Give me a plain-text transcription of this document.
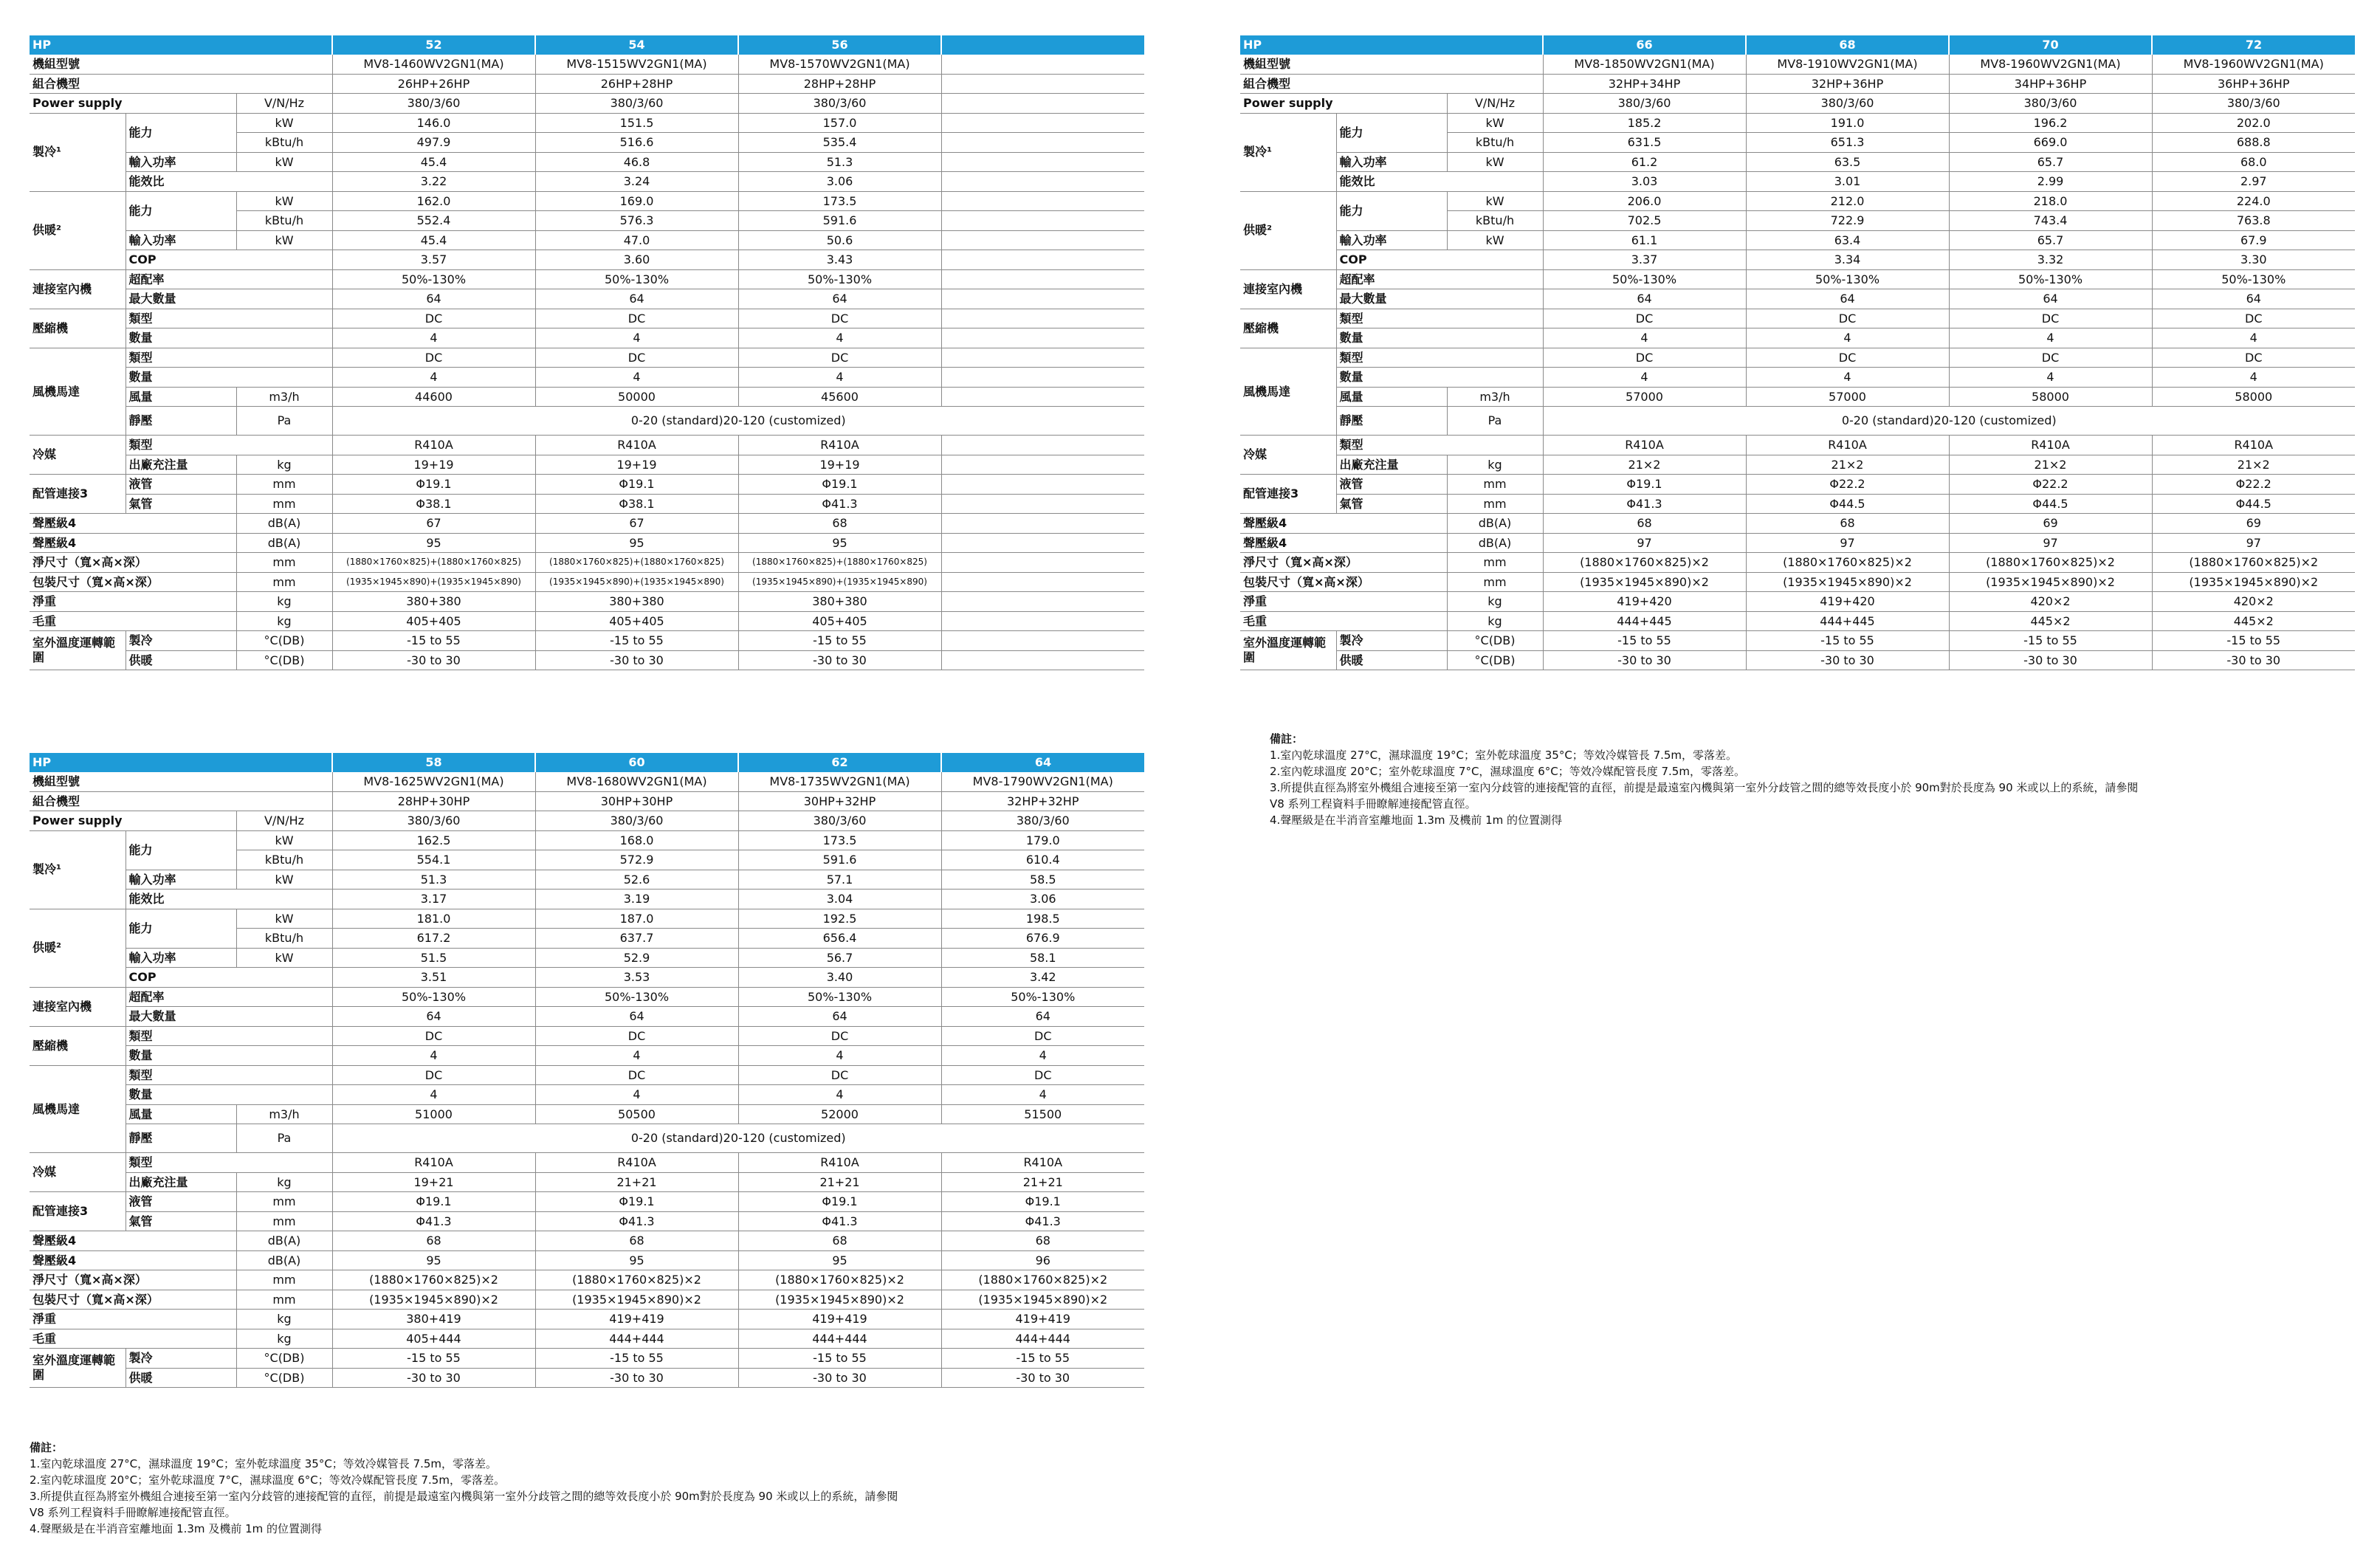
HP			52	54	56	
機組型號			MV8-1460WV2GN1(MA)	MV8-1515WV2GN1(MA)	MV8-1570WV2GN1(MA)	
組合機型			26HP+26HP	26HP+28HP	28HP+28HP	
Power supply		V/N/Hz	380/3/60	380/3/60	380/3/60	
製冷¹	能力	kW	146.0	151.5	157.0	
		kBtu/h	497.9	516.6	535.4	
	輸入功率	kW	45.4	46.8	51.3	
	能效比		3.22	3.24	3.06	
供暖²	能力	kW	162.0	169.0	173.5	
		kBtu/h	552.4	576.3	591.6	
	輸入功率	kW	45.4	47.0	50.6	
	COP		3.57	3.60	3.43	
連接室內機	超配率		50%-130%	50%-130%	50%-130%	
	最大數量		64	64	64	
壓縮機	類型		DC	DC	DC	
	數量		4	4	4	
風機馬達	類型		DC	DC	DC	
	數量		4	4	4	
	風量	m3/h	44600	50000	45600	
	靜壓	Pa	0-20 (standard)20-120 (customized)			
冷媒	類型		R410A	R410A	R410A	
	出廠充注量	kg	19+19	19+19	19+19	
配管連接3	液管	mm	Φ19.1	Φ19.1	Φ19.1	
	氣管	mm	Φ38.1	Φ38.1	Φ41.3	
聲壓級4		dB(A)	67	67	68	
聲壓級4		dB(A)	95	95	95	
淨尺寸（寬×高×深）		mm	(1880×1760×825)+(1880×1760×825)	(1880×1760×825)+(1880×1760×825)	(1880×1760×825)+(1880×1760×825)	
包裝尺寸（寬×高×深）		mm	(1935×1945×890)+(1935×1945×890)	(1935×1945×890)+(1935×1945×890)	(1935×1945×890)+(1935×1945×890)	
淨重		kg	380+380	380+380	380+380	
毛重		kg	405+405	405+405	405+405	
室外溫度運轉範圍	製冷	°C(DB)	-15 to 55	-15 to 55	-15 to 55	
	供暖	°C(DB)	-30 to 30	-30 to 30	-30 to 30	
HP			66	68	70	72
機組型號			MV8-1850WV2GN1(MA)	MV8-1910WV2GN1(MA)	MV8-1960WV2GN1(MA)	MV8-1960WV2GN1(MA)
組合機型			32HP+34HP	32HP+36HP	34HP+36HP	36HP+36HP
Power supply		V/N/Hz	380/3/60	380/3/60	380/3/60	380/3/60
製冷¹	能力	kW	185.2	191.0	196.2	202.0
		kBtu/h	631.5	651.3	669.0	688.8
	輸入功率	kW	61.2	63.5	65.7	68.0
	能效比		3.03	3.01	2.99	2.97
供暖²	能力	kW	206.0	212.0	218.0	224.0
		kBtu/h	702.5	722.9	743.4	763.8
	輸入功率	kW	61.1	63.4	65.7	67.9
	COP		3.37	3.34	3.32	3.30
連接室內機	超配率		50%-130%	50%-130%	50%-130%	50%-130%
	最大數量		64	64	64	64
壓縮機	類型		DC	DC	DC	DC
	數量		4	4	4	4
風機馬達	類型		DC	DC	DC	DC
	數量		4	4	4	4
	風量	m3/h	57000	57000	58000	58000
	靜壓	Pa	0-20 (standard)20-120 (customized)			
冷媒	類型		R410A	R410A	R410A	R410A
	出廠充注量	kg	21×2	21×2	21×2	21×2
配管連接3	液管	mm	Φ19.1	Φ22.2	Φ22.2	Φ22.2
	氣管	mm	Φ41.3	Φ44.5	Φ44.5	Φ44.5
聲壓級4		dB(A)	68	68	69	69
聲壓級4		dB(A)	97	97	97	97
淨尺寸（寬×高×深）		mm	(1880×1760×825)×2	(1880×1760×825)×2	(1880×1760×825)×2	(1880×1760×825)×2
包裝尺寸（寬×高×深）		mm	(1935×1945×890)×2	(1935×1945×890)×2	(1935×1945×890)×2	(1935×1945×890)×2
淨重		kg	419+420	419+420	420×2	420×2
毛重		kg	444+445	444+445	445×2	445×2
室外溫度運轉範圍	製冷	°C(DB)	-15 to 55	-15 to 55	-15 to 55	-15 to 55
	供暖	°C(DB)	-30 to 30	-30 to 30	-30 to 30	-30 to 30
HP			58	60	62	64
機組型號			MV8-1625WV2GN1(MA)	MV8-1680WV2GN1(MA)	MV8-1735WV2GN1(MA)	MV8-1790WV2GN1(MA)
組合機型			28HP+30HP	30HP+30HP	30HP+32HP	32HP+32HP
Power supply		V/N/Hz	380/3/60	380/3/60	380/3/60	380/3/60
製冷¹	能力	kW	162.5	168.0	173.5	179.0
		kBtu/h	554.1	572.9	591.6	610.4
	輸入功率	kW	51.3	52.6	57.1	58.5
	能效比		3.17	3.19	3.04	3.06
供暖²	能力	kW	181.0	187.0	192.5	198.5
		kBtu/h	617.2	637.7	656.4	676.9
	輸入功率	kW	51.5	52.9	56.7	58.1
	COP		3.51	3.53	3.40	3.42
連接室內機	超配率		50%-130%	50%-130%	50%-130%	50%-130%
	最大數量		64	64	64	64
壓縮機	類型		DC	DC	DC	DC
	數量		4	4	4	4
風機馬達	類型		DC	DC	DC	DC
	數量		4	4	4	4
	風量	m3/h	51000	50500	52000	51500
	靜壓	Pa	0-20 (standard)20-120 (customized)			
冷媒	類型		R410A	R410A	R410A	R410A
	出廠充注量	kg	19+21	21+21	21+21	21+21
配管連接3	液管	mm	Φ19.1	Φ19.1	Φ19.1	Φ19.1
	氣管	mm	Φ41.3	Φ41.3	Φ41.3	Φ41.3
聲壓級4		dB(A)	68	68	68	68
聲壓級4		dB(A)	95	95	95	96
淨尺寸（寬×高×深）		mm	(1880×1760×825)×2	(1880×1760×825)×2	(1880×1760×825)×2	(1880×1760×825)×2
包裝尺寸（寬×高×深）		mm	(1935×1945×890)×2	(1935×1945×890)×2	(1935×1945×890)×2	(1935×1945×890)×2
淨重		kg	380+419	419+419	419+419	419+419
毛重		kg	405+444	444+444	444+444	444+444
室外溫度運轉範圍	製冷	°C(DB)	-15 to 55	-15 to 55	-15 to 55	-15 to 55
	供暖	°C(DB)	-30 to 30	-30 to 30	-30 to 30	-30 to 30
備註：
1.室內乾球溫度 27°C，濕球溫度 19°C；室外乾球溫度 35°C；等效冷媒管長 7.5m，零落差。
2.室內乾球溫度 20°C；室外乾球溫度 7°C，濕球溫度 6°C；等效冷媒配管長度 7.5m，零落差。
3.所提供直徑為將室外機組合連接至第一室內分歧管的連接配管的直徑，前提是最遠室內機與第一室外分歧管之間的總等效長度小於 90m對於長度為 90 米或以上的系統，請參閱
V8 系列工程資料手冊瞭解連接配管直徑。
4.聲壓級是在半消音室離地面 1.3m 及機前 1m 的位置測得
備註：
1.室內乾球溫度 27°C，濕球溫度 19°C；室外乾球溫度 35°C；等效冷媒管長 7.5m，零落差。
2.室內乾球溫度 20°C；室外乾球溫度 7°C，濕球溫度 6°C；等效冷媒配管長度 7.5m，零落差。
3.所提供直徑為將室外機組合連接至第一室內分歧管的連接配管的直徑，前提是最遠室內機與第一室外分歧管之間的總等效長度小於 90m對於長度為 90 米或以上的系統，請參閱
V8 系列工程資料手冊瞭解連接配管直徑。
4.聲壓級是在半消音室離地面 1.3m 及機前 1m 的位置測得
